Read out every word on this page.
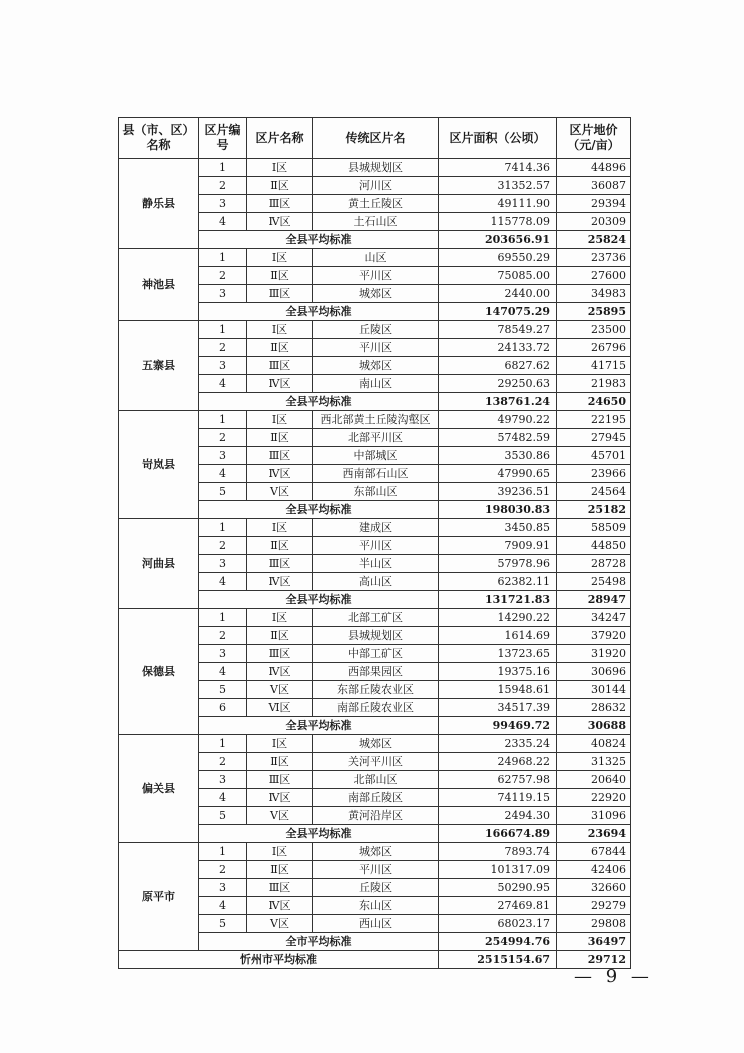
县（市、区）名称	区片编号	区片名称	传统区片名	区片面积（公顷）	区片地价（元/亩）
静乐县	1	Ⅰ区	县城规划区	7414.36	44896
	2	Ⅱ区	河川区	31352.57	36087
	3	Ⅲ区	黄土丘陵区	49111.90	29394
	4	Ⅳ区	土石山区	115778.09	20309
	全县平均标准			203656.91	25824
神池县	1	Ⅰ区	山区	69550.29	23736
	2	Ⅱ区	平川区	75085.00	27600
	3	Ⅲ区	城郊区	2440.00	34983
	全县平均标准			147075.29	25895
五寨县	1	Ⅰ区	丘陵区	78549.27	23500
	2	Ⅱ区	平川区	24133.72	26796
	3	Ⅲ区	城郊区	6827.62	41715
	4	Ⅳ区	南山区	29250.63	21983
	全县平均标准			138761.24	24650
岢岚县	1	Ⅰ区	西北部黄土丘陵沟壑区	49790.22	22195
	2	Ⅱ区	北部平川区	57482.59	27945
	3	Ⅲ区	中部城区	3530.86	45701
	4	Ⅳ区	西南部石山区	47990.65	23966
	5	Ⅴ区	东部山区	39236.51	24564
	全县平均标准			198030.83	25182
河曲县	1	Ⅰ区	建成区	3450.85	58509
	2	Ⅱ区	平川区	7909.91	44850
	3	Ⅲ区	半山区	57978.96	28728
	4	Ⅳ区	高山区	62382.11	25498
	全县平均标准			131721.83	28947
保德县	1	Ⅰ区	北部工矿区	14290.22	34247
	2	Ⅱ区	县城规划区	1614.69	37920
	3	Ⅲ区	中部工矿区	13723.65	31920
	4	Ⅳ区	西部果园区	19375.16	30696
	5	Ⅴ区	东部丘陵农业区	15948.61	30144
	6	Ⅵ区	南部丘陵农业区	34517.39	28632
	全县平均标准			99469.72	30688
偏关县	1	Ⅰ区	城郊区	2335.24	40824
	2	Ⅱ区	关河平川区	24968.22	31325
	3	Ⅲ区	北部山区	62757.98	20640
	4	Ⅳ区	南部丘陵区	74119.15	22920
	5	Ⅴ区	黄河沿岸区	2494.30	31096
	全县平均标准			166674.89	23694
原平市	1	Ⅰ区	城郊区	7893.74	67844
	2	Ⅱ区	平川区	101317.09	42406
	3	Ⅲ区	丘陵区	50290.95	32660
	4	Ⅳ区	东山区	27469.81	29279
	5	Ⅴ区	西山区	68023.17	29808
	全市平均标准			254994.76	36497
忻州市平均标准				2515154.67	29712
— 9 —
